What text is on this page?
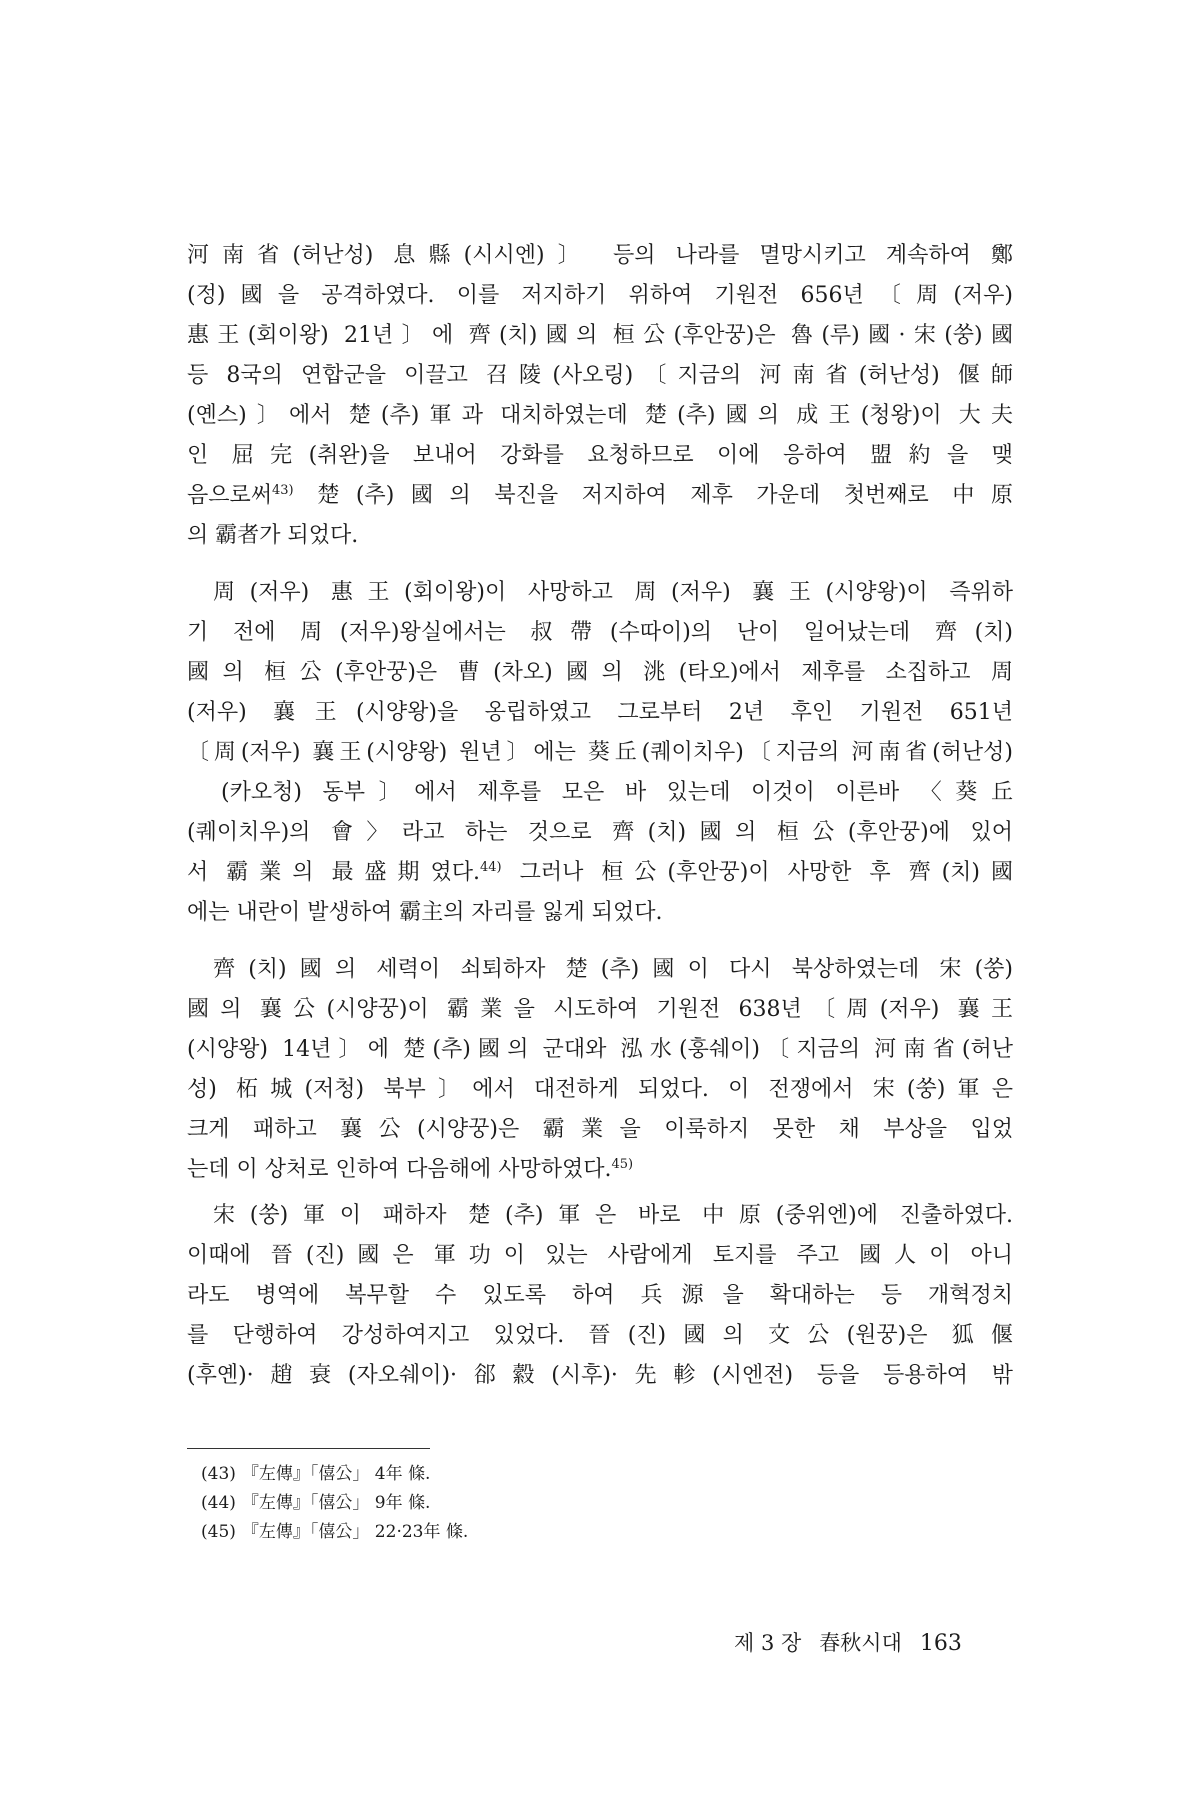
河南省(허난성) 息縣(시시엔)〕 등의 나라를 멸망시키고 계속하여 鄭
(정)國을 공격하였다. 이를 저지하기 위하여 기원전 656년〔周(저우)
惠王(회이왕) 21년〕에 齊(치)國의 桓公(후안꿍)은 魯(루)國·宋(쑹)國
등 8국의 연합군을 이끌고 召陵(사오링)〔지금의 河南省(허난성) 偃師
(옌스)〕에서 楚(추)軍과 대치하였는데 楚(추)國의 成王(청왕)이 大夫
인 屈完(취완)을 보내어 강화를 요청하므로 이에 응하여 盟約을 맺
음으로써$^{43)}$ 楚(추)國의 북진을 저지하여 제후 가운데 첫번째로 中原
의 霸者가 되었다.
周(저우) 惠王(회이왕)이 사망하고 周(저우) 襄王(시양왕)이 즉위하
기 전에 周(저우)왕실에서는 叔帶(수따이)의 난이 일어났는데 齊(치)
國의 桓公(후안꿍)은 曹(차오)國의 洮(타오)에서 제후를 소집하고 周
(저우) 襄王(시양왕)을 옹립하였고 그로부터 2년 후인 기원전 651년
〔周(저우) 襄王(시양왕) 원년〕에는 葵丘(퀘이치우)〔지금의 河南省(허난성)
(카오청) 동부〕에서 제후를 모은 바 있는데 이것이 이른바 〈葵丘
(퀘이치우)의 會〉라고 하는 것으로 齊(치)國의 桓公(후안꿍)에 있어
서 霸業의 最盛期였다.$^{44)}$ 그러나 桓公(후안꿍)이 사망한 후 齊(치)國
에는 내란이 발생하여 霸主의 자리를 잃게 되었다.
齊(치)國의 세력이 쇠퇴하자 楚(추)國이 다시 북상하였는데 宋(쑹)
國의 襄公(시양꿍)이 霸業을 시도하여 기원전 638년〔周(저우) 襄王
(시양왕) 14년〕에 楚(추)國의 군대와 泓水(훙쉐이)〔지금의 河南省(허난
성) 柘城(저청) 북부〕에서 대전하게 되었다. 이 전쟁에서 宋(쑹)軍은
크게 패하고 襄公(시양꿍)은 霸業을 이룩하지 못한 채 부상을 입었
는데 이 상처로 인하여 다음해에 사망하였다.$^{45)}$
宋(쑹)軍이 패하자 楚(추)軍은 바로 中原(중위엔)에 진출하였다.
이때에 晉(진)國은 軍功이 있는 사람에게 토지를 주고 國人이 아니
라도 병역에 복무할 수 있도록 하여 兵源을 확대하는 등 개혁정치
를 단행하여 강성하여지고 있었다. 晉(진)國의 文公(원꿍)은 狐偃
(후옌)·趙衰(자오쉐이)·郤縠(시후)·先軫(시엔전) 등을 등용하여 밖
(43) 『左傳』「僖公」 4年 條.
(44) 『左傳』「僖公」 9年 條.
(45) 『左傳』「僖公」 22·23年 條.
제 3 장 春秋시대 163
